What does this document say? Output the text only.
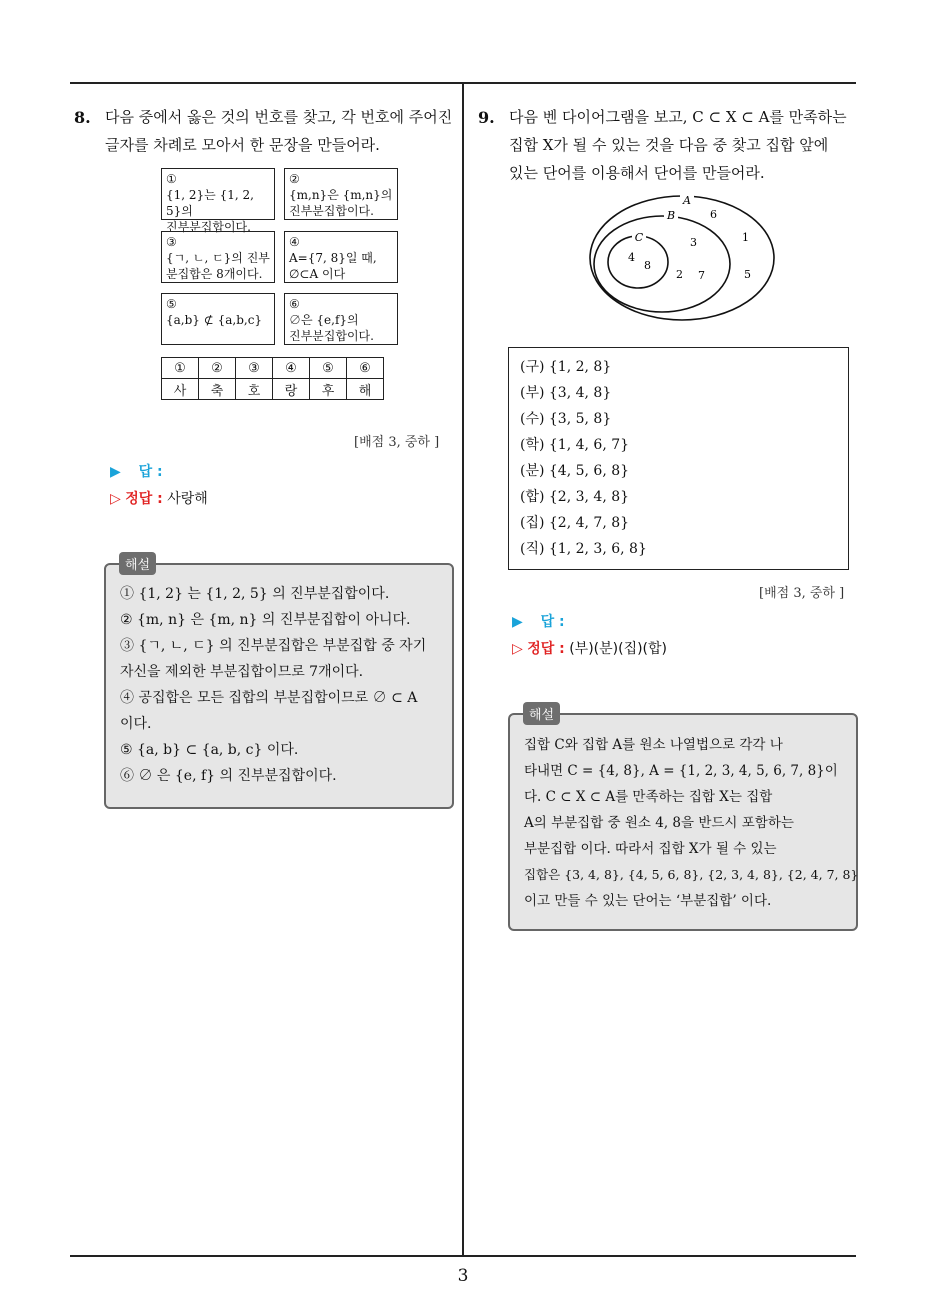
3
8. 다음 중에서 옳은 것의 번호를 찾고, 각 번호에 주어진
글자를 차례로 모아서 한 문장을 만들어라.
①
{1, 2}는 {1, 2, 5}의
진부분집합이다.
②
{m,n}은 {m,n}의
진부분집합이다.
③
{ㄱ, ㄴ, ㄷ}의 진부
분집합은 8개이다.
④
A={7, 8}일 때,
∅⊂A 이다
⑤
{a,b} ⊄ {a,b,c}
⑥
∅은 {e,f}의
진부분집합이다.
①	②	③	④	⑤	⑥
사	축	호	랑	후	해
[배점 3, 중하 ]
▶ 답 :
▷ 정답 : 사랑해
① {1, 2} 는 {1, 2, 5} 의 진부분집합이다.
② {m, n} 은 {m, n} 의 진부분집합이 아니다.
③ {ㄱ, ㄴ, ㄷ} 의 진부분집합은 부분집합 중 자기
자신을 제외한 부분집합이므로 7개이다.
④ 공집합은 모든 집합의 부분집합이므로 ∅ ⊂ A
이다.
⑤ {a, b} ⊂ {a, b, c} 이다.
⑥ ∅ 은 {e, f} 의 진부분집합이다.
해설
9. 다음 벤 다이어그램을 보고, C ⊂ X ⊂ A를 만족하는
집합 X가 될 수 있는 것을 다음 중 찾고 집합 앞에
있는 단어를 이용해서 단어를 만들어라.
A
B
C
4
8
6
3
2 7
1
5
(구) {1, 2, 8}
(부) {3, 4, 8}
(수) {3, 5, 8}
(학) {1, 4, 6, 7}
(분) {4, 5, 6, 8}
(합) {2, 3, 4, 8}
(집) {2, 4, 7, 8}
(직) {1, 2, 3, 6, 8}
[배점 3, 중하 ]
▶ 답 :
▷ 정답 : (부)(분)(집)(합)
집합 C와 집합 A를 원소 나열법으로 각각 나
타내면 C = {4, 8}, A = {1, 2, 3, 4, 5, 6, 7, 8}이
다. C ⊂ X ⊂ A를 만족하는 집합 X는 집합
A의 부분집합 중 원소 4, 8을 반드시 포함하는
부분집합 이다. 따라서 집합 X가 될 수 있는
집합은 {3, 4, 8}, {4, 5, 6, 8}, {2, 3, 4, 8}, {2, 4, 7, 8}
이고 만들 수 있는 단어는 ‘부분집합’ 이다.
해설
